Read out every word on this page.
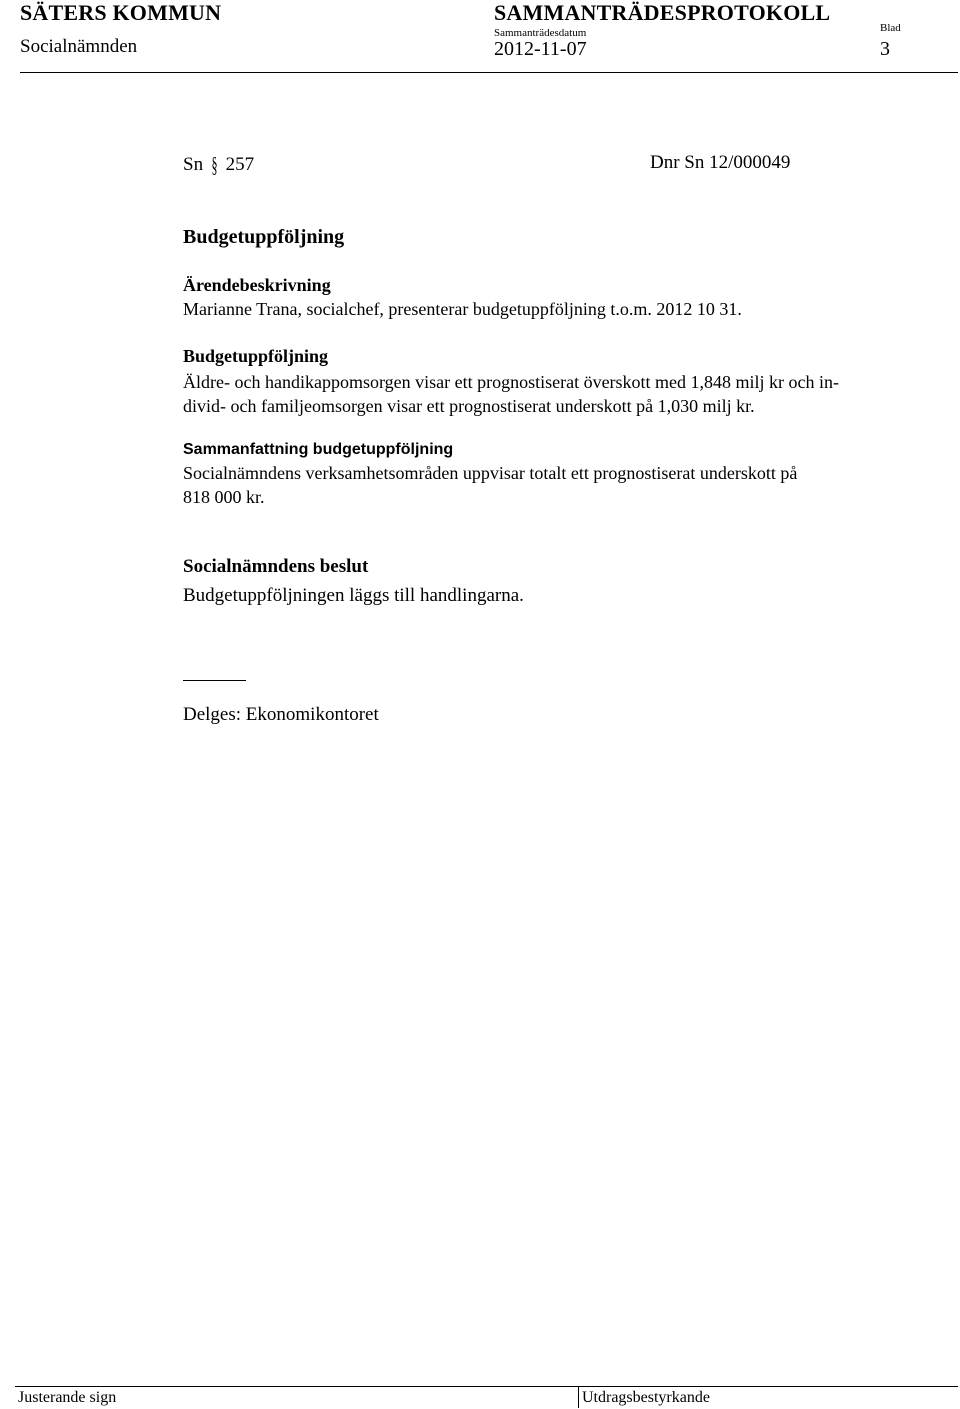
SÄTERS KOMMUN
Socialnämnden
SAMMANTRÄDESPROTOKOLL
Sammanträdesdatum
2012-11-07
Blad
3
Sn § 257	Dnr Sn 12/000049
Budgetuppföljning
Ärendebeskrivning
Marianne Trana, socialchef, presenterar budgetuppföljning t.o.m. 2012 10 31.
Budgetuppföljning
Äldre- och handikappomsorgen visar ett prognostiserat överskott med 1,848 milj kr och in-
divid- och familjeomsorgen visar ett prognostiserat underskott på 1,030 milj kr.
Sammanfattning budgetuppföljning
Socialnämndens verksamhetsområden uppvisar totalt ett prognostiserat underskott på
818 000 kr.
Socialnämndens beslut
Budgetuppföljningen läggs till handlingarna.
Delges: Ekonomikontoret
Justerande sign	Utdragsbestyrkande
